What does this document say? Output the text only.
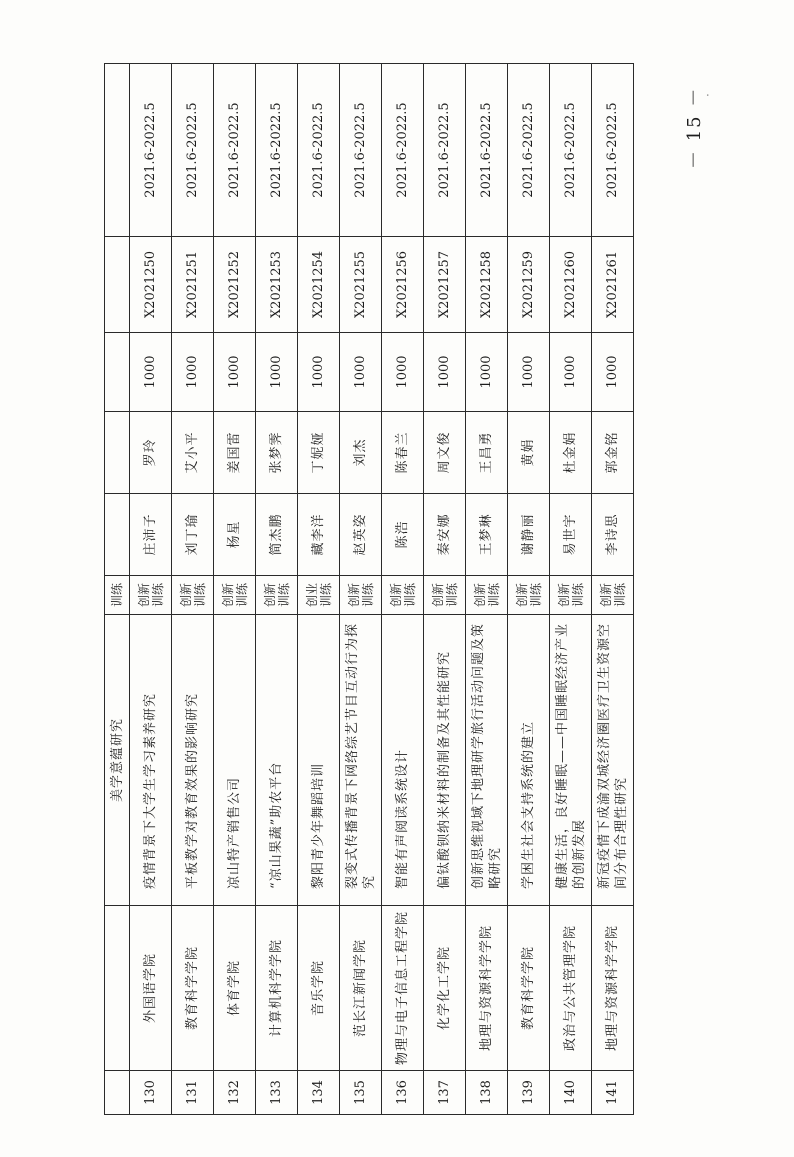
		美学意蕴研究	训练					
130	外国语学院	疫情背景下大学生学习素养研究	创新训练	庄沛子	罗玲	1000	X2021250	2021.6-2022.5
131	教育科学学院	平板教学对教育效果的影响研究	创新训练	刘丁瑜	艾小平	1000	X2021251	2021.6-2022.5
132	体育学院	凉山特产销售公司	创新训练	杨星	姜国雷	1000	X2021252	2021.6-2022.5
133	计算机科学学院	“凉山果蔬”助农平台	创新训练	简杰鹏	张梦霁	1000	X2021253	2021.6-2022.5
134	音乐学院	黎阳青少年舞蹈培训	创业训练	藏李洋	丁妮娅	1000	X2021254	2021.6-2022.5
135	范长江新闻学院	裂变式传播背景下网络综艺节目互动行为探究	创新训练	赵英姿	刘杰	1000	X2021255	2021.6-2022.5
136	物理与电子信息工程学院	智能有声阅读系统设计	创新训练	陈浩	陈春兰	1000	X2021256	2021.6-2022.5
137	化学化工学院	偏钛酸钡纳米材料的制备及其性能研究	创新训练	秦安娜	周文俊	1000	X2021257	2021.6-2022.5
138	地理与资源科学学院	创新思维视域下地理研学旅行活动问题及策略研究	创新训练	王梦琳	王昌勇	1000	X2021258	2021.6-2022.5
139	教育科学学院	学困生社会支持系统的建立	创新训练	谢静丽	黄娟	1000	X2021259	2021.6-2022.5
140	政治与公共管理学院	健康生活，良好睡眠——中国睡眠经济产业的创新发展	创新训练	易世宇	杜金娟	1000	X2021260	2021.6-2022.5
141	地理与资源科学学院	新冠疫情下成渝双城经济圈医疗卫生资源空间分布合理性研究	创新训练	李诗思	郭金铭	1000	X2021261	2021.6-2022.5	－ 15 －
·
